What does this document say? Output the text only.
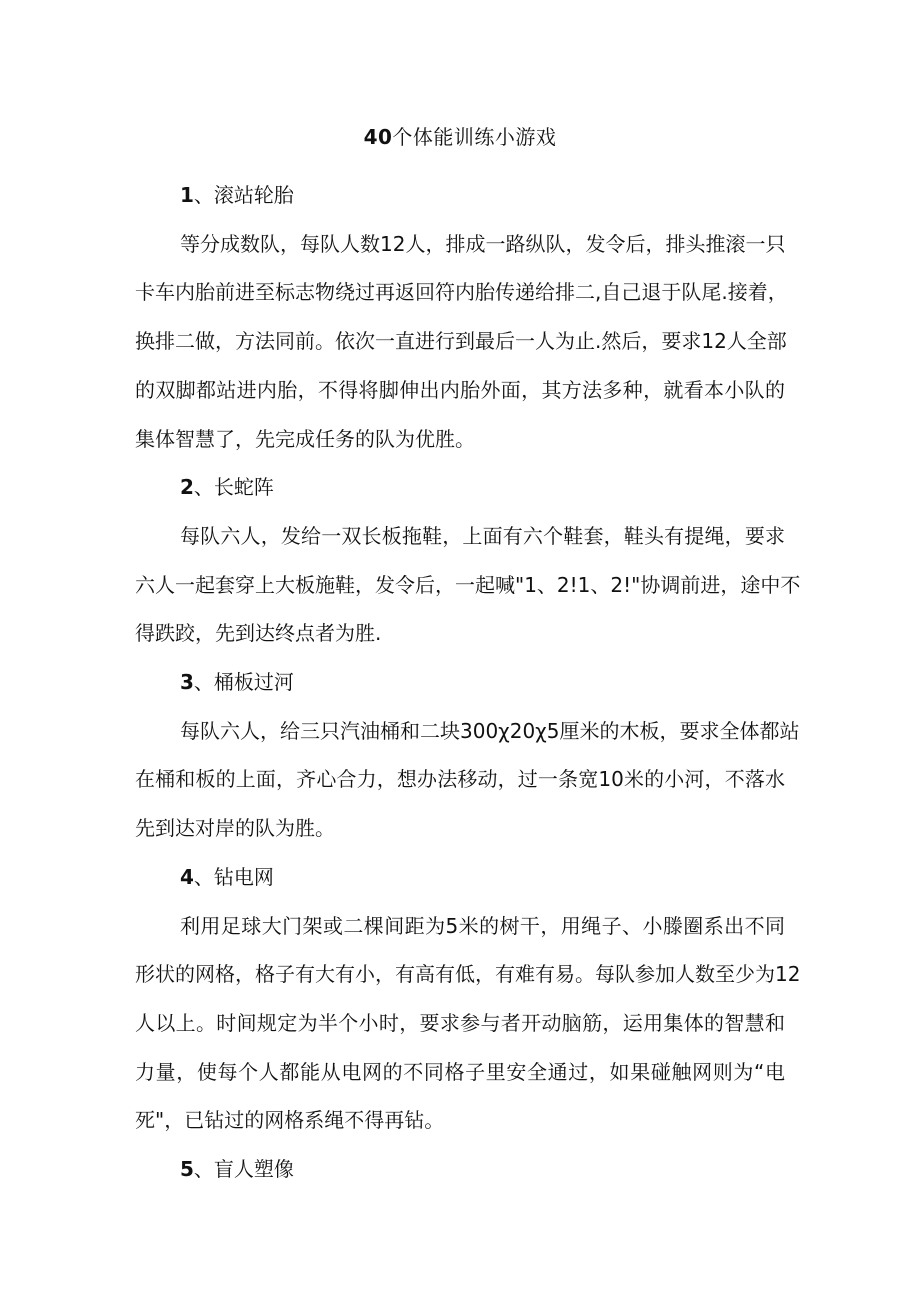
40个体能训练小游戏
1、滚站轮胎
等分成数队，每队人数12人，排成一路纵队，发令后，排头推滚一只
卡车内胎前进至标志物绕过再返回符内胎传递给排二,自己退于队尾.接着，
换排二做，方法同前。依次一直进行到最后一人为止.然后，要求12人全部
的双脚都站进内胎，不得将脚伸出内胎外面，其方法多种，就看本小队的
集体智慧了，先完成任务的队为优胜。
2、长蛇阵
每队六人，发给一双长板拖鞋，上面有六个鞋套，鞋头有提绳，要求
六人一起套穿上大板施鞋，发令后，一起喊"1、2!1、2!"协调前进，途中不
得跌跤，先到达终点者为胜.
3、桶板过河
每队六人，给三只汽油桶和二块300χ20χ5厘米的木板，要求全体都站
在桶和板的上面，齐心合力，想办法移动，过一条宽10米的小河，不落水
先到达对岸的队为胜。
4、钻电网
利用足球大门架或二棵间距为5米的树干，用绳子、小滕圈系出不同
形状的网格，格子有大有小，有高有低，有难有易。每队参加人数至少为12
人以上。时间规定为半个小时，要求参与者开动脑筋，运用集体的智慧和
力量，使每个人都能从电网的不同格子里安全通过，如果碰触网则为“电
死"，已钻过的网格系绳不得再钻。
5、盲人塑像
